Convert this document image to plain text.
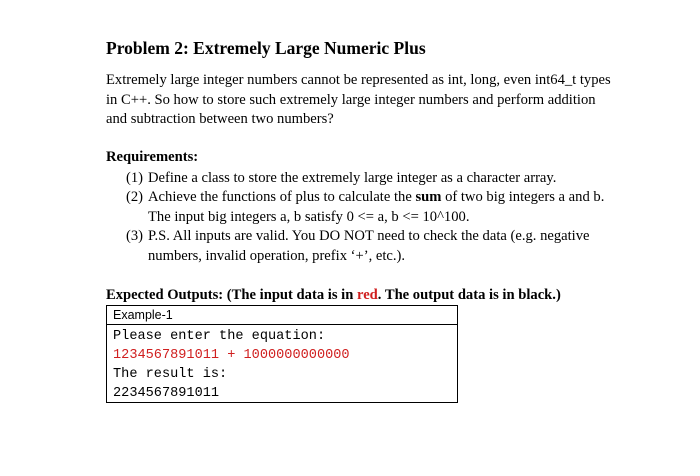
Problem 2: Extremely Large Numeric Plus

Extremely large integer numbers cannot be represented as int, long, even int64_t types in C++. So how to store such extremely large integer numbers and perform addition and subtraction between two numbers?

Requirements:
(1) Define a class to store the extremely large integer as a character array.
(2) Achieve the functions of plus to calculate the sum of two big integers a and b. The input big integers a, b satisfy 0 <= a, b <= 10^100.
(3) P.S. All inputs are valid. You DO NOT need to check the data (e.g. negative numbers, invalid operation, prefix ‘+’, etc.).
Expected Outputs: (The input data is in red. The output data is in black.)
Example-1
Please enter the equation:
1234567891011 + 1000000000000
The result is:
2234567891011
